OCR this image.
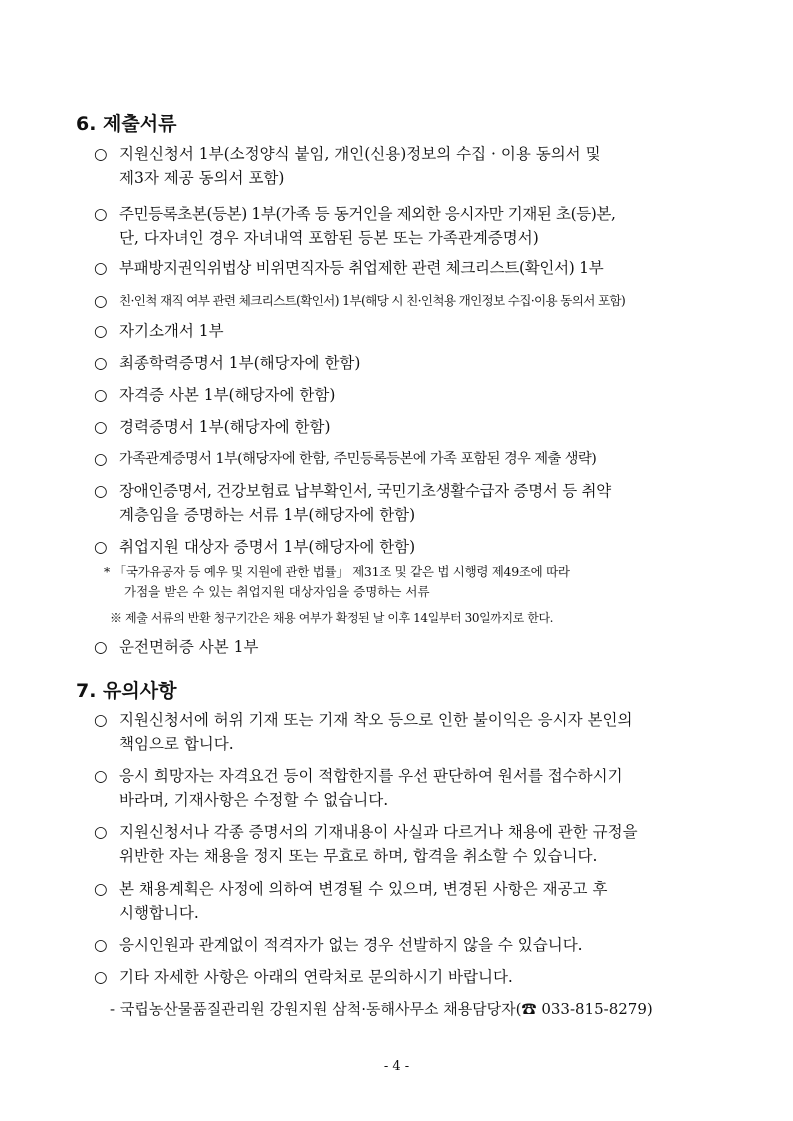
6. 제출서류
○ 지원신청서 1부(소정양식 붙임, 개인(신용)정보의 수집 · 이용 동의서 및
제3자 제공 동의서 포함)
○ 주민등록초본(등본) 1부(가족 등 동거인을 제외한 응시자만 기재된 초(등)본,
단, 다자녀인 경우 자녀내역 포함된 등본 또는 가족관계증명서)
○ 부패방지권익위법상 비위면직자등 취업제한 관련 체크리스트(확인서) 1부
○ 친·인척 재직 여부 관련 체크리스트(확인서) 1부(해당 시 친·인척용 개인정보 수집·이용 동의서 포함)
○ 자기소개서 1부
○ 최종학력증명서 1부(해당자에 한함)
○ 자격증 사본 1부(해당자에 한함)
○ 경력증명서 1부(해당자에 한함)
○ 가족관계증명서 1부(해당자에 한함, 주민등록등본에 가족 포함된 경우 제출 생략)
○ 장애인증명서, 건강보험료 납부확인서, 국민기초생활수급자 증명서 등 취약
계층임을 증명하는 서류 1부(해당자에 한함)
○ 취업지원 대상자 증명서 1부(해당자에 한함)
* 「국가유공자 등 예우 및 지원에 관한 법률」 제31조 및 같은 법 시행령 제49조에 따라
가점을 받은 수 있는 취업지원 대상자임을 증명하는 서류
※ 제출 서류의 반환 청구기간은 채용 여부가 확정된 날 이후 14일부터 30일까지로 한다.
○ 운전면허증 사본 1부
7. 유의사항
○ 지원신청서에 허위 기재 또는 기재 착오 등으로 인한 불이익은 응시자 본인의
책임으로 합니다.
○ 응시 희망자는 자격요건 등이 적합한지를 우선 판단하여 원서를 접수하시기
바라며, 기재사항은 수정할 수 없습니다.
○ 지원신청서나 각종 증명서의 기재내용이 사실과 다르거나 채용에 관한 규정을
위반한 자는 채용을 정지 또는 무효로 하며, 합격을 취소할 수 있습니다.
○ 본 채용계획은 사정에 의하여 변경될 수 있으며, 변경된 사항은 재공고 후
시행합니다.
○ 응시인원과 관계없이 적격자가 없는 경우 선발하지 않을 수 있습니다.
○ 기타 자세한 사항은 아래의 연락처로 문의하시기 바랍니다.
- 국립농산물품질관리원 강원지원 삼척·동해사무소 채용담당자(☎ 033-815-8279)
- 4 -
